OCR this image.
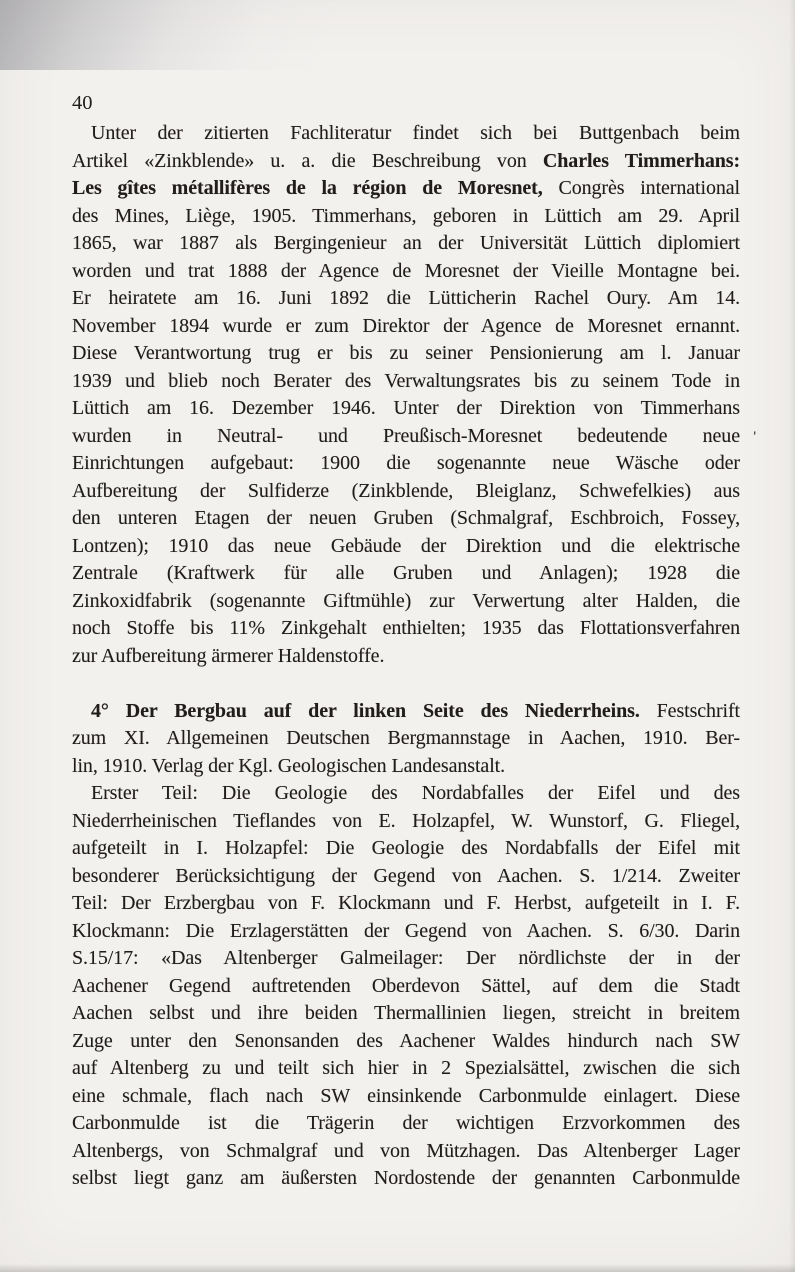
40
Unter der zitierten Fachliteratur findet sich bei Buttgenbach beim
Artikel «Zinkblende» u. a. die Beschreibung von Charles Timmerhans:
Les gîtes métallifères de la région de Moresnet, Congrès international
des Mines, Liège, 1905. Timmerhans, geboren in Lüttich am 29. April
1865, war 1887 als Bergingenieur an der Universität Lüttich diplomiert
worden und trat 1888 der Agence de Moresnet der Vieille Montagne bei.
Er heiratete am 16. Juni 1892 die Lütticherin Rachel Oury. Am 14.
November 1894 wurde er zum Direktor der Agence de Moresnet ernannt.
Diese Verantwortung trug er bis zu seiner Pensionierung am l. Januar
1939 und blieb noch Berater des Verwaltungsrates bis zu seinem Tode in
Lüttich am 16. Dezember 1946. Unter der Direktion von Timmerhans
wurden in Neutral- und Preußisch-Moresnet bedeutende neue '
Einrichtungen aufgebaut: 1900 die sogenannte neue Wäsche oder
Aufbereitung der Sulfiderze (Zinkblende, Bleiglanz, Schwefelkies) aus
den unteren Etagen der neuen Gruben (Schmalgraf, Eschbroich, Fossey,
Lontzen); 1910 das neue Gebäude der Direktion und die elektrische
Zentrale (Kraftwerk für alle Gruben und Anlagen); 1928 die
Zinkoxidfabrik (sogenannte Giftmühle) zur Verwertung alter Halden, die
noch Stoffe bis 11% Zinkgehalt enthielten; 1935 das Flottationsverfahren
zur Aufbereitung ärmerer Haldenstoffe.
4° Der Bergbau auf der linken Seite des Niederrheins. Festschrift
zum XI. Allgemeinen Deutschen Bergmannstage in Aachen, 1910. Ber-
lin, 1910. Verlag der Kgl. Geologischen Landesanstalt.
Erster Teil: Die Geologie des Nordabfalles der Eifel und des
Niederrheinischen Tieflandes von E. Holzapfel, W. Wunstorf, G. Fliegel,
aufgeteilt in I. Holzapfel: Die Geologie des Nordabfalls der Eifel mit
besonderer Berücksichtigung der Gegend von Aachen. S. 1/214. Zweiter
Teil: Der Erzbergbau von F. Klockmann und F. Herbst, aufgeteilt in I. F.
Klockmann: Die Erzlagerstätten der Gegend von Aachen. S. 6/30. Darin
S.15/17: «Das Altenberger Galmeilager: Der nördlichste der in der
Aachener Gegend auftretenden Oberdevon Sättel, auf dem die Stadt
Aachen selbst und ihre beiden Thermallinien liegen, streicht in breitem
Zuge unter den Senonsanden des Aachener Waldes hindurch nach SW
auf Altenberg zu und teilt sich hier in 2 Spezialsättel, zwischen die sich
eine schmale, flach nach SW einsinkende Carbonmulde einlagert. Diese
Carbonmulde ist die Trägerin der wichtigen Erzvorkommen des
Altenbergs, von Schmalgraf und von Mützhagen. Das Altenberger Lager
selbst liegt ganz am äußersten Nordostende der genannten Carbonmulde
